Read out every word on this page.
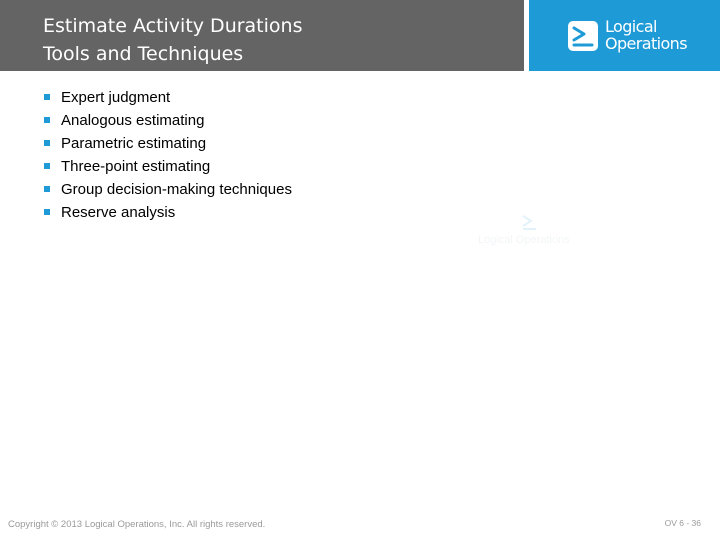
Estimate Activity Durations
Tools and Techniques
Logical
Operations
Expert judgment
Analogous estimating
Parametric estimating
Three-point estimating
Group decision-making techniques
Reserve analysis
Logical Operations
Copyright © 2013 Logical Operations, Inc. All rights reserved.	OV 6 - 36
